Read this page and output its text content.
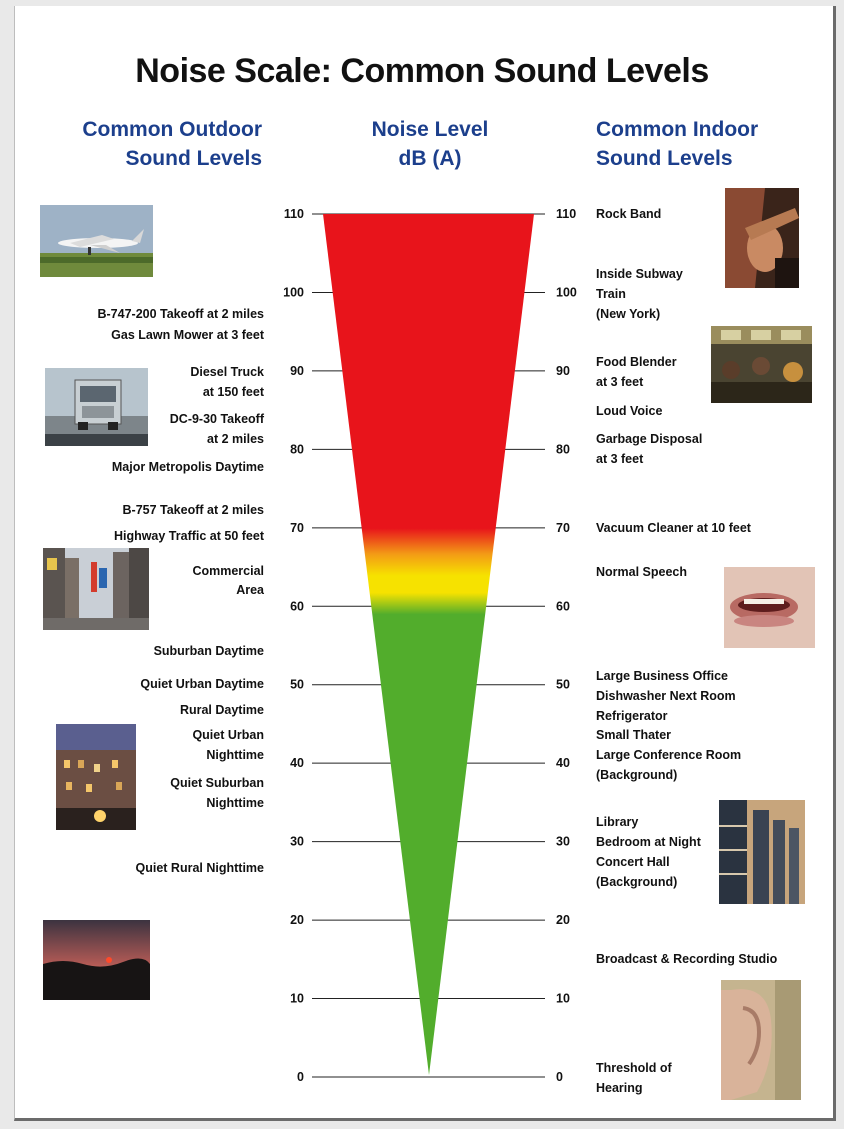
Noise Scale: Common Sound Levels
Common Outdoor
Sound Levels
Noise Level
dB (A)
Common Indoor
Sound Levels
0	0
10	10
20	20
30	30
40	40
50	50
60	60
70	70
80	80
90	90
100	100
110	110
B-747-200 Takeoff at 2 miles
Gas Lawn Mower at 3 feet
Diesel Truck
at 150 feet
DC-9-30 Takeoff
at 2 miles
Major Metropolis Daytime
B-757 Takeoff at 2 miles
Highway Traffic at 50 feet
Commercial
Area
Suburban Daytime
Quiet Urban Daytime
Rural Daytime
Quiet Urban
Nighttime
Quiet Suburban
Nighttime
Quiet Rural Nighttime
Rock Band
Inside Subway
Train
(New York)
Food Blender
at 3 feet
Loud Voice
Garbage Disposal
at 3 feet
Vacuum Cleaner at 10 feet
Normal Speech
Large Business Office
Dishwasher Next Room
Refrigerator
Small Thater
Large Conference Room
(Background)
Library
Bedroom at Night
Concert Hall
(Background)
Broadcast & Recording Studio
Threshold of
Hearing
